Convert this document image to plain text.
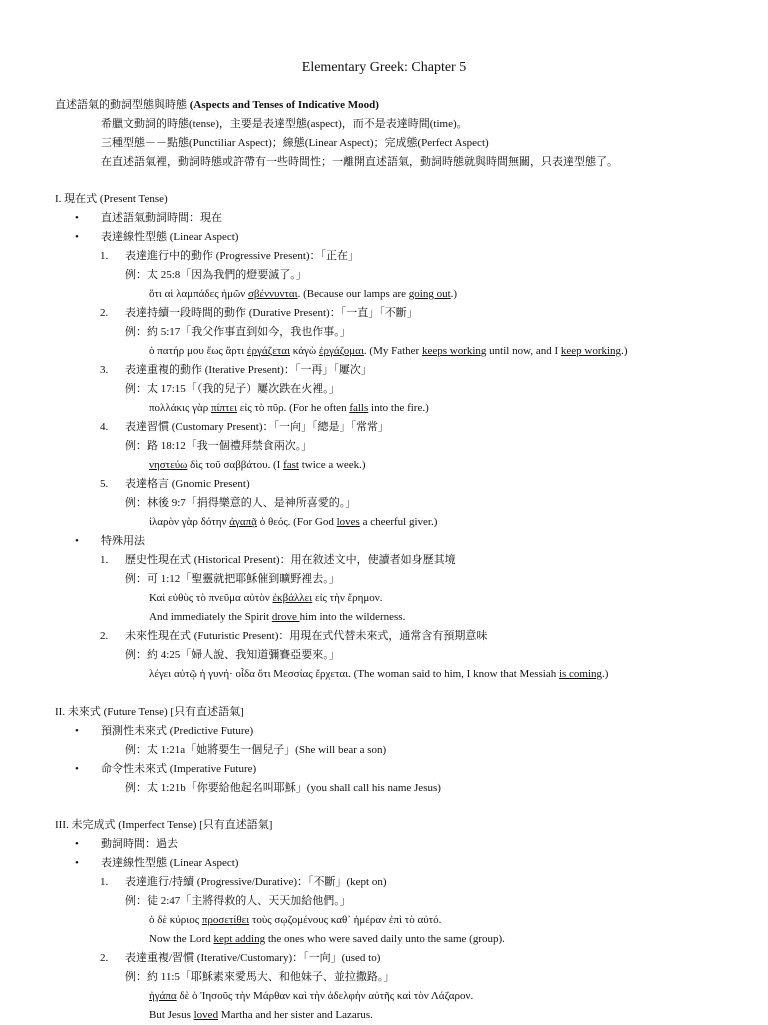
Elementary Greek: Chapter 5
直述語氣的動詞型態與時態 (Aspects and Tenses of Indicative Mood)
希臘文動詞的時態(tense)，主要是表達型態(aspect)，而不是表達時間(time)。
三種型態－－點態(Punctiliar Aspect)；線態(Linear Aspect)；完成態(Perfect Aspect)
在直述語氣裡，動詞時態或許帶有一些時間性；一離開直述語氣，動詞時態就與時間無關，只表達型態了。
I. 現在式 (Present Tense)
• 直述語氣動詞時間：現在
• 表達線性型態 (Linear Aspect)
1. 表達進行中的動作 (Progressive Present)：「正在」
例：太 25:8「因為我們的燈要滅了。」
ὅτι αἱ λαμπάδες ἡμῶν σβέννυνται. (Because our lamps are going out.)
2. 表達持續一段時間的動作 (Durative Present)：「一直」「不斷」
例：約 5:17「我父作事直到如今，我也作事。」
ὁ πατήρ μου ἕως ἄρτι ἐργάζεται κἀγὼ ἐργάζομαι. (My Father keeps working until now, and I keep working.)
3. 表達重複的動作 (Iterative Present)：「一再」「屢次」
例：太 17:15「（我的兒子）屢次跌在火裡。」
πολλάκις γὰρ πίπτει εἰς τὸ πῦρ. (For he often falls into the fire.)
4. 表達習慣 (Customary Present)：「一向」「總是」「常常」
例：路 18:12「我一個禮拜禁食兩次。」
νηστεύω δὶς τοῦ σαββάτου. (I fast twice a week.)
5. 表達格言 (Gnomic Present)
例：林後 9:7「捐得樂意的人、是神所喜愛的。」
ἱλαρὸν γὰρ δότην ἀγαπᾷ ὁ θεός. (For God loves a cheerful giver.)
• 特殊用法
1. 歷史性現在式 (Historical Present)：用在敘述文中，使讀者如身歷其境
例：可 1:12「聖靈就把耶穌催到曠野裡去。」
Καὶ εὐθὺς τὸ πνεῦμα αὐτὸν ἐκβάλλει εἰς τὴν ἔρημον.
And immediately the Spirit drove him into the wilderness.
2. 未來性現在式 (Futuristic Present)：用現在式代替未來式，通常含有預期意味
例：約 4:25「婦人說、我知道彌賽亞要來。」
λέγει αὐτῷ ἡ γυνή· οἶδα ὅτι Μεσσίας ἔρχεται. (The woman said to him, I know that Messiah is coming.)
II. 未來式 (Future Tense) [只有直述語氣]
• 預測性未來式 (Predictive Future)
例：太 1:21a「她將要生一個兒子」(She will bear a son)
• 命令性未來式 (Imperative Future)
例：太 1:21b「你要給他起名叫耶穌」(you shall call his name Jesus)
III. 未完成式 (Imperfect Tense) [只有直述語氣]
• 動詞時間：過去
• 表達線性型態 (Linear Aspect)
1. 表達進行/持續 (Progressive/Durative)：「不斷」(kept on)
例：徒 2:47「主將得救的人、天天加給他們。」
ὁ δὲ κύριος προσετίθει τοὺς σῳζομένους καθ᾽ ἡμέραν ἐπὶ τὸ αὐτό.
Now the Lord kept adding the ones who were saved daily unto the same (group).
2. 表達重複/習慣 (Iterative/Customary)：「一向」(used to)
例：約 11:5「耶穌素來愛馬大、和他妹子、並拉撒路。」
ἠγάπα δὲ ὁ Ἰησοῦς τὴν Μάρθαν καὶ τὴν ἀδελφὴν αὐτῆς καὶ τὸν Λάζαρον.
But Jesus loved Martha and her sister and Lazarus.
